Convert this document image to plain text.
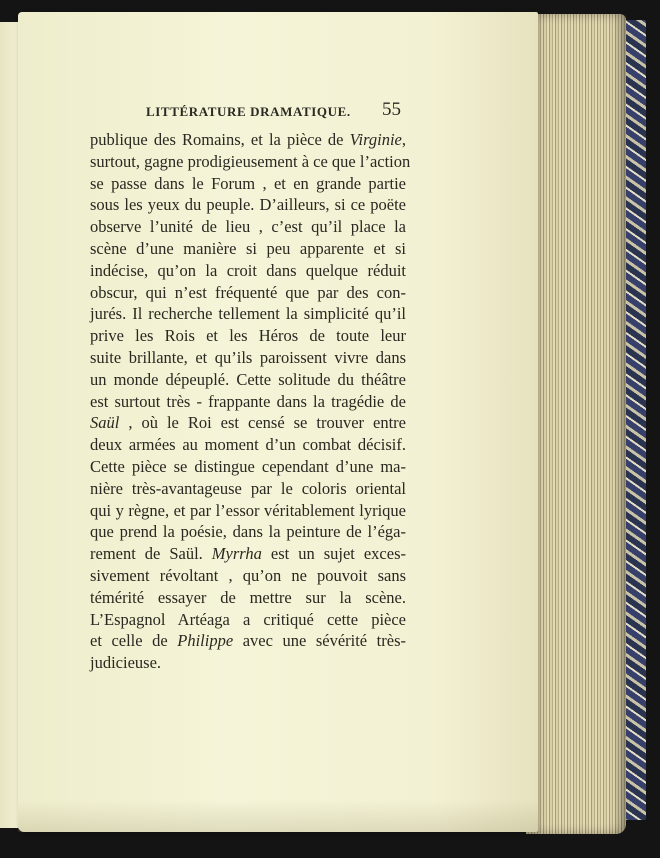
LITTÉRATURE DRAMATIQUE.	55
publique des Romains, et la pièce de Virginie,
surtout, gagne prodigieusement à ce que l’action
se passe dans le Forum , et en grande partie
sous les yeux du peuple. D’ailleurs, si ce poëte
observe l’unité de lieu , c’est qu’il place la
scène d’une manière si peu apparente et si
indécise, qu’on la croit dans quelque réduit
obscur, qui n’est fréquenté que par des con-
jurés. Il recherche tellement la simplicité qu’il
prive les Rois et les Héros de toute leur
suite brillante, et qu’ils paroissent vivre dans
un monde dépeuplé. Cette solitude du théâtre
est surtout très - frappante dans la tragédie de
Saül , où le Roi est censé se trouver entre
deux armées au moment d’un combat décisif.
Cette pièce se distingue cependant d’une ma-
nière très-avantageuse par le coloris oriental
qui y règne, et par l’essor véritablement lyrique
que prend la poésie, dans la peinture de l’éga-
rement de Saül. Myrrha est un sujet exces-
sivement révoltant , qu’on ne pouvoit sans
témérité essayer de mettre sur la scène.
L’Espagnol Artéaga a critiqué cette pièce
et celle de Philippe avec une sévérité très-
judicieuse.
